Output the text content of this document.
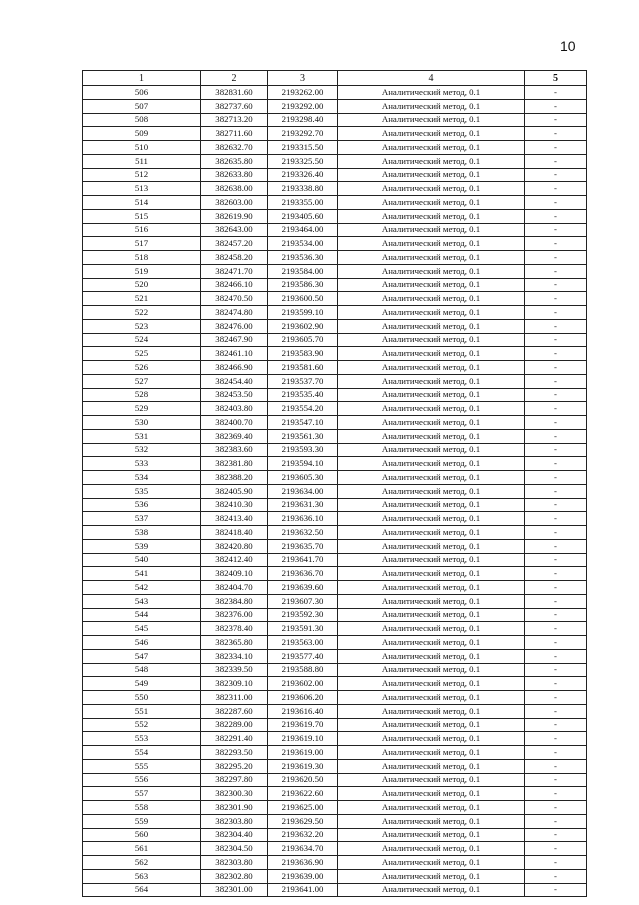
10
1	2	3	4	5
506	382831.60	2193262.00	Аналитический метод, 0.1	-
507	382737.60	2193292.00	Аналитический метод, 0.1	-
508	382713.20	2193298.40	Аналитический метод, 0.1	-
509	382711.60	2193292.70	Аналитический метод, 0.1	-
510	382632.70	2193315.50	Аналитический метод, 0.1	-
511	382635.80	2193325.50	Аналитический метод, 0.1	-
512	382633.80	2193326.40	Аналитический метод, 0.1	-
513	382638.00	2193338.80	Аналитический метод, 0.1	-
514	382603.00	2193355.00	Аналитический метод, 0.1	-
515	382619.90	2193405.60	Аналитический метод, 0.1	-
516	382643.00	2193464.00	Аналитический метод, 0.1	-
517	382457.20	2193534.00	Аналитический метод, 0.1	-
518	382458.20	2193536.30	Аналитический метод, 0.1	-
519	382471.70	2193584.00	Аналитический метод, 0.1	-
520	382466.10	2193586.30	Аналитический метод, 0.1	-
521	382470.50	2193600.50	Аналитический метод, 0.1	-
522	382474.80	2193599.10	Аналитический метод, 0.1	-
523	382476.00	2193602.90	Аналитический метод, 0.1	-
524	382467.90	2193605.70	Аналитический метод, 0.1	-
525	382461.10	2193583.90	Аналитический метод, 0.1	-
526	382466.90	2193581.60	Аналитический метод, 0.1	-
527	382454.40	2193537.70	Аналитический метод, 0.1	-
528	382453.50	2193535.40	Аналитический метод, 0.1	-
529	382403.80	2193554.20	Аналитический метод, 0.1	-
530	382400.70	2193547.10	Аналитический метод, 0.1	-
531	382369.40	2193561.30	Аналитический метод, 0.1	-
532	382383.60	2193593.30	Аналитический метод, 0.1	-
533	382381.80	2193594.10	Аналитический метод, 0.1	-
534	382388.20	2193605.30	Аналитический метод, 0.1	-
535	382405.90	2193634.00	Аналитический метод, 0.1	-
536	382410.30	2193631.30	Аналитический метод, 0.1	-
537	382413.40	2193636.10	Аналитический метод, 0.1	-
538	382418.40	2193632.50	Аналитический метод, 0.1	-
539	382420.80	2193635.70	Аналитический метод, 0.1	-
540	382412.40	2193641.70	Аналитический метод, 0.1	-
541	382409.10	2193636.70	Аналитический метод, 0.1	-
542	382404.70	2193639.60	Аналитический метод, 0.1	-
543	382384.80	2193607.30	Аналитический метод, 0.1	-
544	382376.00	2193592.30	Аналитический метод, 0.1	-
545	382378.40	2193591.30	Аналитический метод, 0.1	-
546	382365.80	2193563.00	Аналитический метод, 0.1	-
547	382334.10	2193577.40	Аналитический метод, 0.1	-
548	382339.50	2193588.80	Аналитический метод, 0.1	-
549	382309.10	2193602.00	Аналитический метод, 0.1	-
550	382311.00	2193606.20	Аналитический метод, 0.1	-
551	382287.60	2193616.40	Аналитический метод, 0.1	-
552	382289.00	2193619.70	Аналитический метод, 0.1	-
553	382291.40	2193619.10	Аналитический метод, 0.1	-
554	382293.50	2193619.00	Аналитический метод, 0.1	-
555	382295.20	2193619.30	Аналитический метод, 0.1	-
556	382297.80	2193620.50	Аналитический метод, 0.1	-
557	382300.30	2193622.60	Аналитический метод, 0.1	-
558	382301.90	2193625.00	Аналитический метод, 0.1	-
559	382303.80	2193629.50	Аналитический метод, 0.1	-
560	382304.40	2193632.20	Аналитический метод, 0.1	-
561	382304.50	2193634.70	Аналитический метод, 0.1	-
562	382303.80	2193636.90	Аналитический метод, 0.1	-
563	382302.80	2193639.00	Аналитический метод, 0.1	-
564	382301.00	2193641.00	Аналитический метод, 0.1	-
